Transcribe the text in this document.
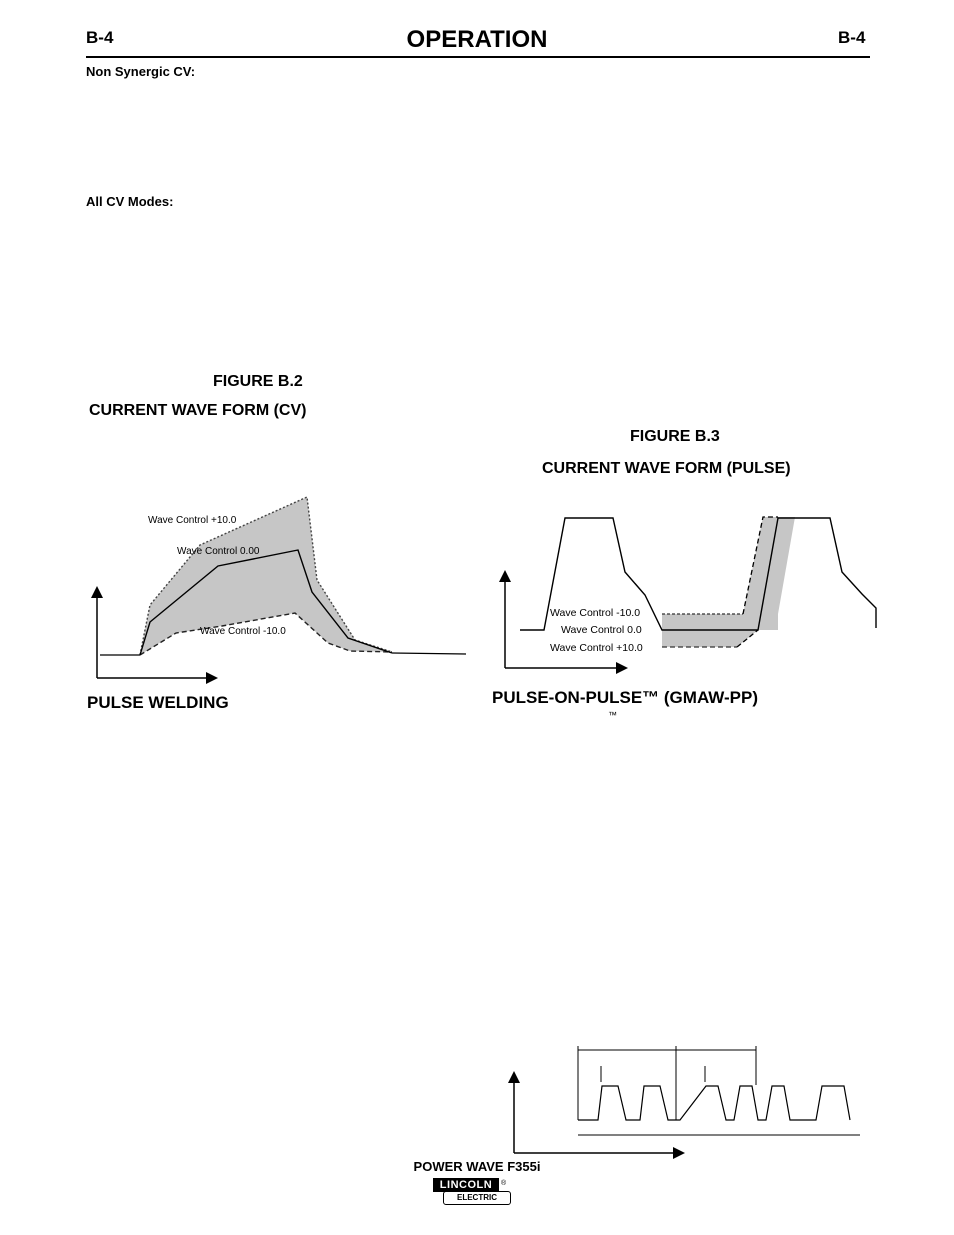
B-4	OPERATION	B-4
Non Synergic CV:
All CV Modes:
FIGURE B.2
CURRENT WAVE FORM (CV)
FIGURE B.3
CURRENT WAVE FORM (PULSE)
Wave Control +10.0
Wave Control 0.00
Wave Control -10.0
Wave Control -10.0
Wave Control 0.0
Wave Control +10.0
PULSE WELDING	PULSE-ON-PULSE™ (GMAW-PP)
™
POWER WAVE F355i
LINCOLN
ELECTRIC
®
